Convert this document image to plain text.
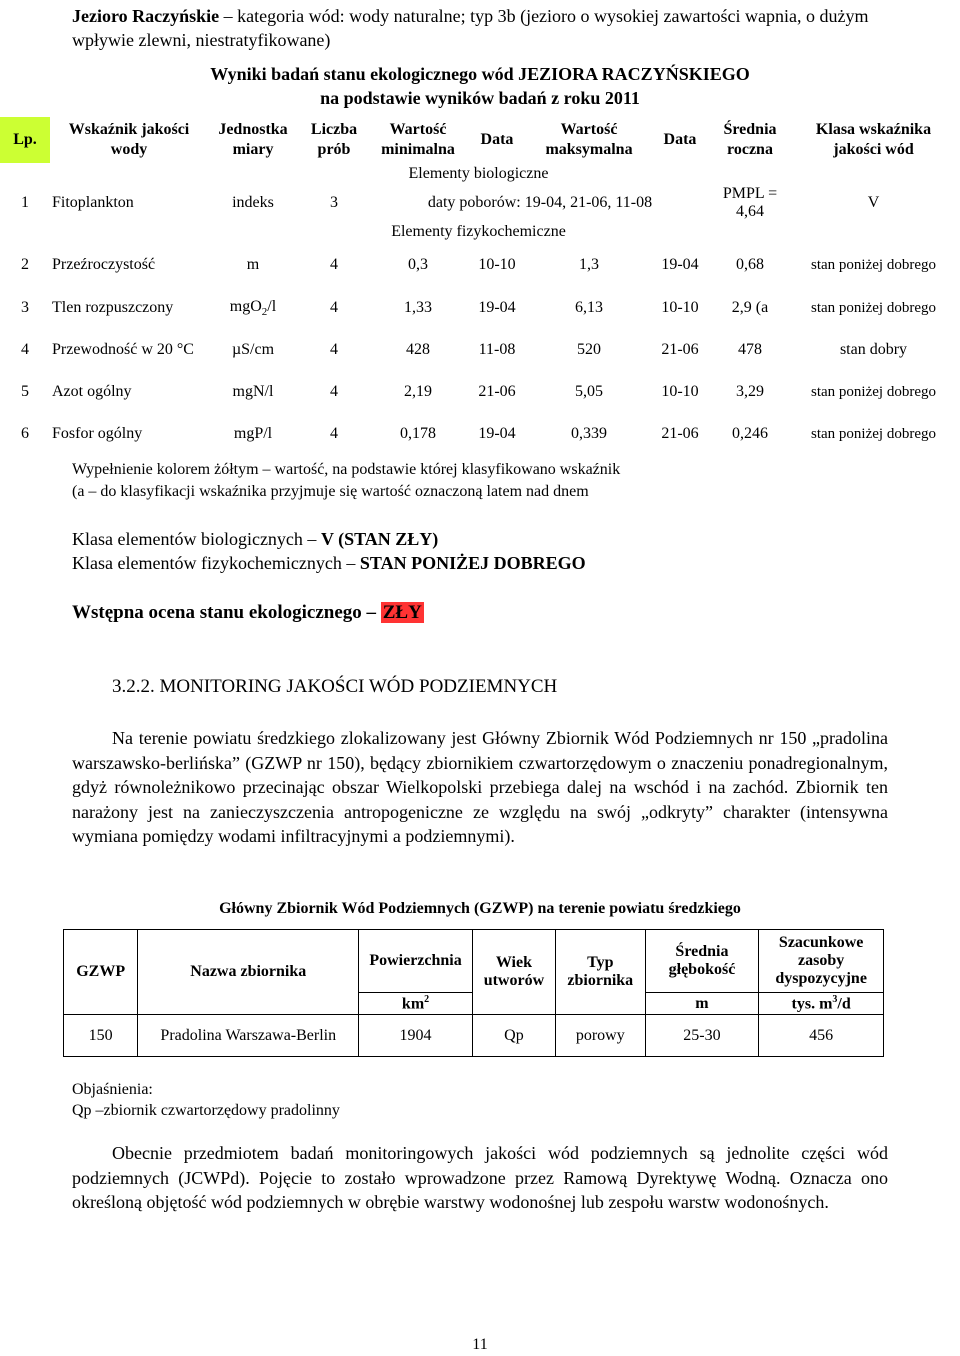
Jezioro Raczyńskie – kategoria wód: wody naturalne; typ 3b (jezioro o wysokiej zawartości wapnia, o dużym wpływie zlewni, niestratyfikowane)
Wyniki badań stanu ekologicznego wód JEZIORA RACZYŃSKIEGO
na podstawie wyników badań z roku 2011
Lp.	Wskaźnik jakości wody	Jednostka miary	Liczba prób	Wartość minimalna	Data	Wartość maksymalna	Data	Średnia roczna	Klasa wskaźnika jakości wód
Elementy biologiczne									
1	Fitoplankton	indeks	3	daty poborów: 19-04, 21-06, 11-08				PMPL = 4,64	V
Elementy fizykochemiczne									
2	Przeźroczystość	m	4	0,3	10-10	1,3	19-04	0,68	stan poniżej dobrego
3	Tlen rozpuszczony	mgO$_2$/l	4	1,33	19-04	6,13	10-10	2,9 (a	stan poniżej dobrego
4	Przewodność w 20 °C	µS/cm	4	428	11-08	520	21-06	478	stan dobry
5	Azot ogólny	mgN/l	4	2,19	21-06	5,05	10-10	3,29	stan poniżej dobrego
6	Fosfor ogólny	mgP/l	4	0,178	19-04	0,339	21-06	0,246	stan poniżej dobrego
Wypełnienie kolorem żółtym – wartość, na podstawie której klasyfikowano wskaźnik
(a – do klasyfikacji wskaźnika przyjmuje się wartość oznaczoną latem nad dnem
Klasa elementów biologicznych – V (STAN ZŁY)
Klasa elementów fizykochemicznych – STAN PONIŻEJ DOBREGO
Wstępna ocena stanu ekologicznego – ZŁY
3.2.2. MONITORING JAKOŚCI WÓD PODZIEMNYCH
Na terenie powiatu średzkiego zlokalizowany jest Główny Zbiornik Wód Podziemnych nr 150 „pradolina warszawsko-berlińska” (GZWP nr 150), będący zbiornikiem czwartorzędowym o znaczeniu ponadregionalnym, gdyż równoleżnikowo przecinając obszar Wielkopolski przebiega dalej na wschód i na zachód. Zbiornik ten narażony jest na zanieczyszczenia antropogeniczne ze względu na swój „odkryty” charakter (intensywna wymiana pomiędzy wodami infiltracyjnymi a podziemnymi).
Główny Zbiornik Wód Podziemnych (GZWP) na terenie powiatu średzkiego
GZWP	Nazwa zbiornika	Powierzchnia	Wiek utworów	Typ zbiornika	Średnia głębokość	Szacunkowe zasoby dyspozycyjne
		$km^2$			m	tys. $m^3/d$
150	Pradolina Warszawa-Berlin	1904	Qp	porowy	25-30	456
Objaśnienia:
Qp –zbiornik czwartorzędowy pradolinny
Obecnie przedmiotem badań monitoringowych jakości wód podziemnych są jednolite części wód podziemnych (JCWPd). Pojęcie to zostało wprowadzone przez Ramową Dyrektywę Wodną. Oznacza ono określoną objętość wód podziemnych w obrębie warstwy wodonośnej lub zespołu warstw wodonośnych.
11
